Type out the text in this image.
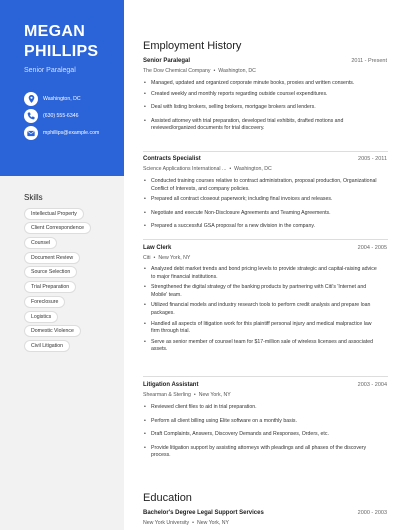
MEGAN
PHILLIPS
Senior Paralegal
Washington, DC
(630) 555-6346
mphillips@example.com
Skills
Intellectual Property
Client Correspondence
Counsel
Document Review
Source Selection
Trial Preparation
Foreclosure
Logistics
Domestic Violence
Civil Litigation
Employment History
Senior Paralegal	2011 - Present
The Dow Chemical Company • Washington, DC
• Managed, updated and organized corporate minute books, proxies and written consents.
• Created weekly and monthly reports regarding outside counsel expenditures.
• Deal with listing brokers, selling brokers, mortgage brokers and lenders.
• Assisted attorney with trial preparation, developed trial exhibits, drafted motions and reviewed/organized documents for trial discovery.
Contracts Specialist	2005 - 2011
Science Applications International ... • Washington, DC
• Conducted training courses relative to contract administration, proposal production, Organizational Conflict of Interests, and company policies.
• Prepared all contract closeout paperwork; including final invoices and releases.
• Negotiate and execute Non-Disclosure Agreements and Teaming Agreements.
• Prepared a successful GSA proposal for a new division in the company.
Law Clerk	2004 - 2005
Citi • New York, NY
• Analyzed debt market trends and bond pricing levels to provide strategic and capital-raising advice to major financial institutions.
• Strengthened the digital strategy of the banking products by partnering with Citi's 'Internet and Mobile' team.
• Utilized financial models and industry research tools to perform credit analysis and prepare loan packages.
• Handled all aspects of litigation work for this plaintiff personal injury and medical malpractice law firm through trial.
• Serve as senior member of counsel team for $17-million sale of wireless licenses and associated assets.
Litigation Assistant	2003 - 2004
Shearman & Sterling • New York, NY
• Reviewed client files to aid in trial preparation.
• Perform all client billing using Elite software on a monthly basis.
• Draft Complaints, Answers, Discovery Demands and Responses, Orders, etc.
• Provide litigation support by assisting attorneys with pleadings and all phases of the discovery process.
Education
Bachelor's Degree Legal Support Services	2000 - 2003
New York University • New York, NY
